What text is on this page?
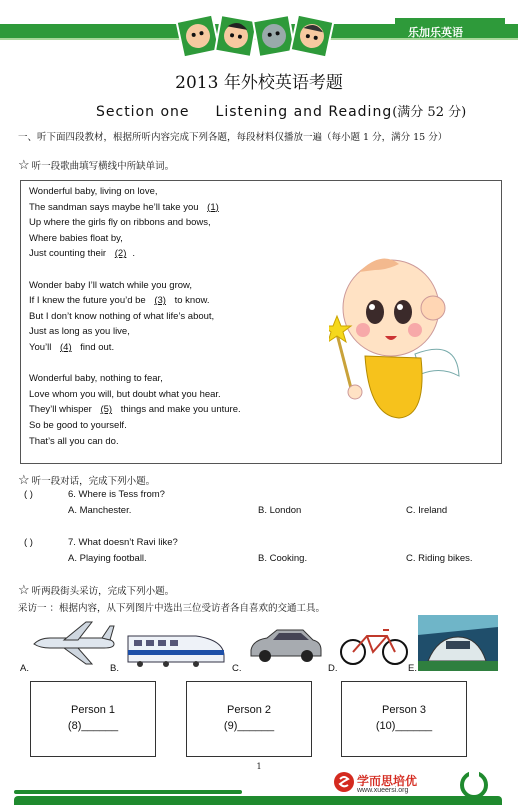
乐加乐英语
2013 年外校英语考题
Section one Listening and Reading(满分 52 分)
一、听下面四段教材，根据所听内容完成下列各题，每段材料仅播放一遍（每小题 1 分，满分 15 分）
☆ 听一段歌曲填写横线中所缺单词。
Wonderful baby, living on love,
The sandman says maybe he’ll take you (1)
Up where the girls fly on ribbons and bows,
Where babies float by,
Just counting their (2) .
Wonder baby I’ll watch while you grow,
If I knew the future you’d be (3) to know.
But I don’t know nothing of what life’s about,
Just as long as you live,
You’ll (4) find out.
Wonderful baby, nothing to fear,
Love whom you will, but doubt what you hear.
They’ll whisper (5) things and make you unture.
So be good to yourself.
That’s all you can do.
☆ 听一段对话，完成下列小题。
( )	6. Where is Tess from?
A. Manchester.	B. London	C. Ireland
( )	7. What doesn’t Ravi like?
A. Playing football.	B. Cooking.	C. Riding bikes.
☆ 听两段街头采访，完成下列小题。
采访一 ：根据内容，从下列图片中选出三位受访者各自喜欢的交通工具。
A.	B.	C.	D.	E.
Person 1
(8)______
Person 2
(9)______
Person 3
(10)______
1
学而思培优
www.xueersi.org
